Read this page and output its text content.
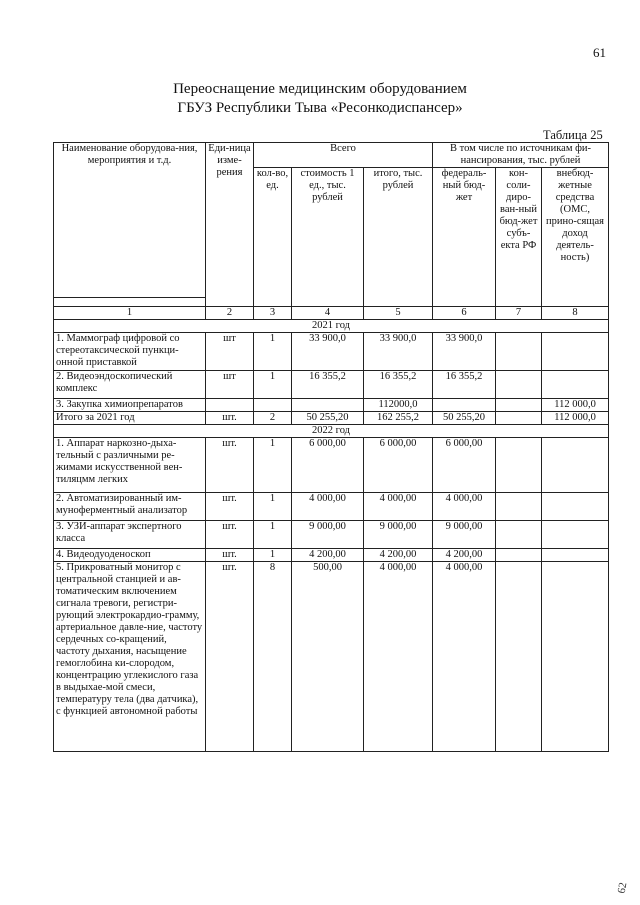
61
Переоснащение медицинским оборудованием
ГБУЗ Республики Тыва «Ресонкодиспансер»
Таблица 25
Наименование оборудова-ния, мероприятия и т.д.	Еди-ница изме-рения	Всего			В том числе по источникам фи-нансирования, тыс. рублей		
		кол-во, ед.	стоимость 1 ед., тыс. рублей	итого, тыс. рублей	федераль-ный бюд-жет	кон-соли-диро-ван-ный бюд-жет субъ-екта РФ	внебюд-жетные средства (ОМС, прино-сящая доход деятель-ность)

1	2	3	4	5	6	7	8
2021 год							
1. Маммограф цифровой со стереотаксической пункци-онной приставкой	шт	1	33 900,0	33 900,0	33 900,0		
2. Видеоэндоскопический комплекс	шт	1	16 355,2	16 355,2	16 355,2		
3. Закупка химиопрепаратов				112000,0			112 000,0
Итого за 2021 год	шт.	2	50 255,20	162 255,2	50 255,20		112 000,0
2022 год							
1. Аппарат наркозно-дыха-тельный с различными ре-жимами искусственной вен-тиляцмм легких	шт.	1	6 000,00	6 000,00	6 000,00		
2. Автоматизированный им-муноферментный анализатор	шт.	1	4 000,00	4 000,00	4 000,00		
3. УЗИ-аппарат экспертного класса	шт.	1	9 000,00	9 000,00	9 000,00		
4. Видеодуоденоскоп	шт.	1	4 200,00	4 200,00	4 200,00		
5. Прикроватный монитор с центральной станцией и ав-томатическим включением сигнала тревоги, регистри-рующий электрокардио-грамму, артериальное давле-ние, частоту сердечных со-кращений, частоту дыхания, насыщение гемоглобина ки-слородом, концентрацию углекислого газа в выдыхае-мой смеси, температуру тела (два датчика), с функцией автономной работы	шт.	8	500,00	4 000,00	4 000,00		
62
